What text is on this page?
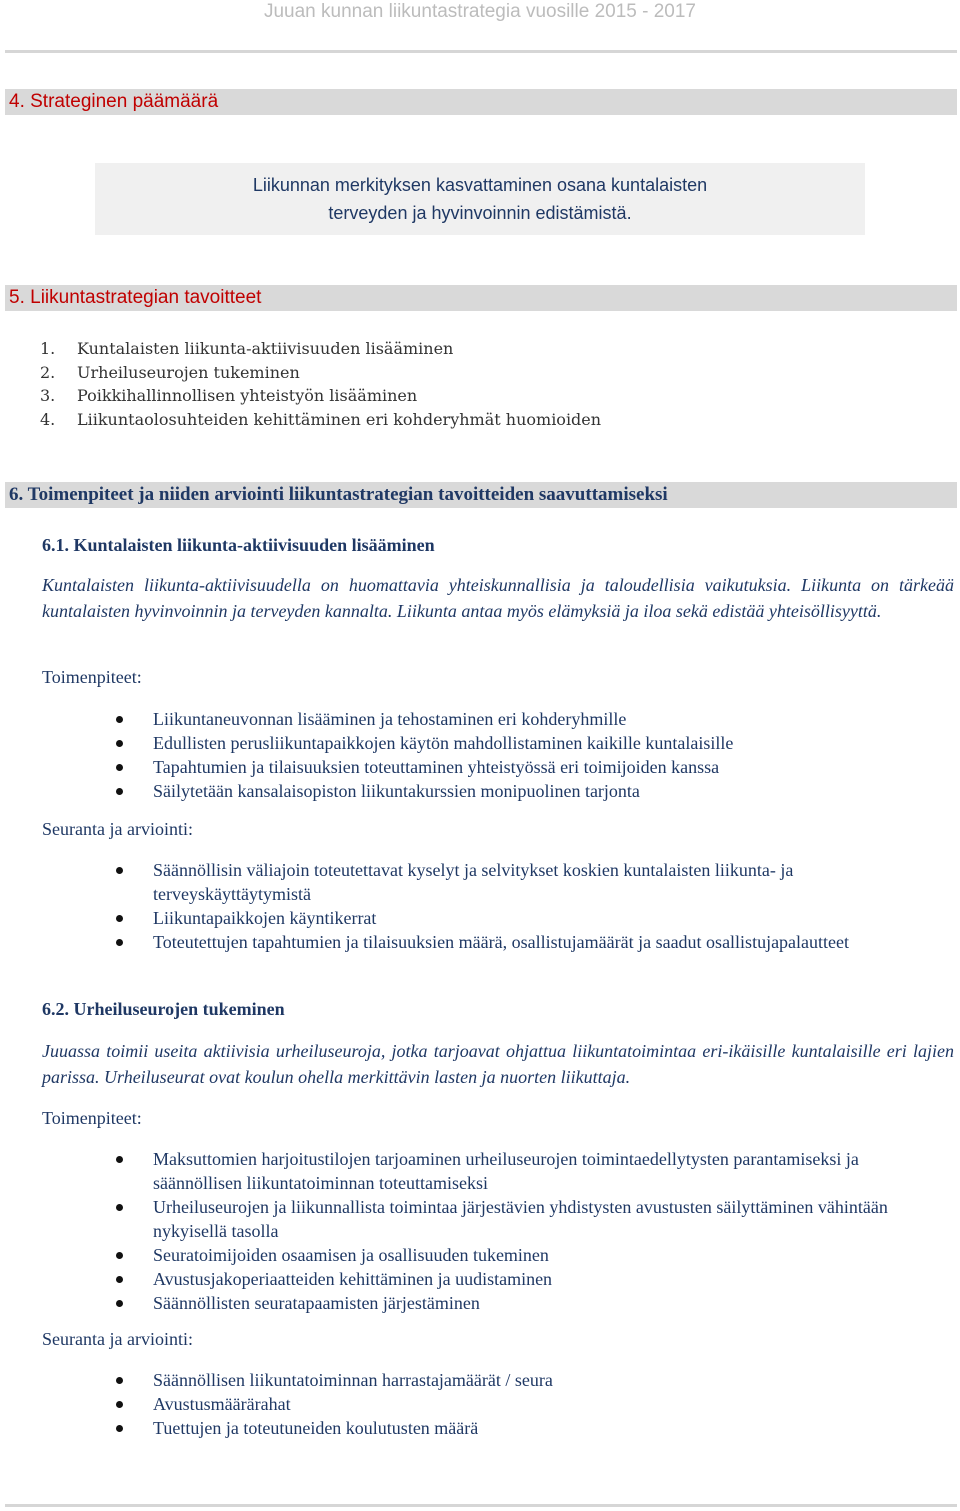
Juuan kunnan liikuntastrategia vuosille 2015 - 2017
4. Strateginen päämäärä
Liikunnan merkityksen kasvattaminen osana kuntalaisten
terveyden ja hyvinvoinnin edistämistä.
5. Liikuntastrategian tavoitteet
1. Kuntalaisten liikunta-aktiivisuuden lisääminen
2. Urheiluseurojen tukeminen
3. Poikkihallinnollisen yhteistyön lisääminen
4. Liikuntaolosuhteiden kehittäminen eri kohderyhmät huomioiden
6. Toimenpiteet ja niiden arviointi liikuntastrategian tavoitteiden saavuttamiseksi
6.1. Kuntalaisten liikunta-aktiivisuuden lisääminen

Kuntalaisten liikunta-aktiivisuudella on huomattavia yhteiskunnallisia ja taloudellisia vaikutuksia. Liikunta on tärkeää kuntalaisten hyvinvoinnin ja terveyden kannalta. Liikunta antaa myös elämyksiä ja iloa sekä edistää yhteisöllisyyttä.

Toimenpiteet:
Liikuntaneuvonnan lisääminen ja tehostaminen eri kohderyhmille
Edullisten perusliikuntapaikkojen käytön mahdollistaminen kaikille kuntalaisille
Tapahtumien ja tilaisuuksien toteuttaminen yhteistyössä eri toimijoiden kanssa
Säilytetään kansalaisopiston liikuntakurssien monipuolinen tarjonta
Seuranta ja arviointi:
Säännöllisin väliajoin toteutettavat kyselyt ja selvitykset koskien kuntalaisten liikunta- ja terveyskäyttäytymistä
Liikuntapaikkojen käyntikerrat
Toteutettujen tapahtumien ja tilaisuuksien määrä, osallistujamäärät ja saadut osallistujapalautteet
6.2. Urheiluseurojen tukeminen

Juuassa toimii useita aktiivisia urheiluseuroja, jotka tarjoavat ohjattua liikuntatoimintaa eri-ikäisille kuntalaisille eri lajien parissa. Urheiluseurat ovat koulun ohella merkittävin lasten ja nuorten liikuttaja.

Toimenpiteet:
Maksuttomien harjoitustilojen tarjoaminen urheiluseurojen toimintaedellytysten parantamiseksi ja säännöllisen liikuntatoiminnan toteuttamiseksi
Urheiluseurojen ja liikunnallista toimintaa järjestävien yhdistysten avustusten säilyttäminen vähintään nykyisellä tasolla
Seuratoimijoiden osaamisen ja osallisuuden tukeminen
Avustusjakoperiaatteiden kehittäminen ja uudistaminen
Säännöllisten seuratapaamisten järjestäminen
Seuranta ja arviointi:
Säännöllisen liikuntatoiminnan harrastajamäärät / seura
Avustusmäärärahat
Tuettujen ja toteutuneiden koulutusten määrä
